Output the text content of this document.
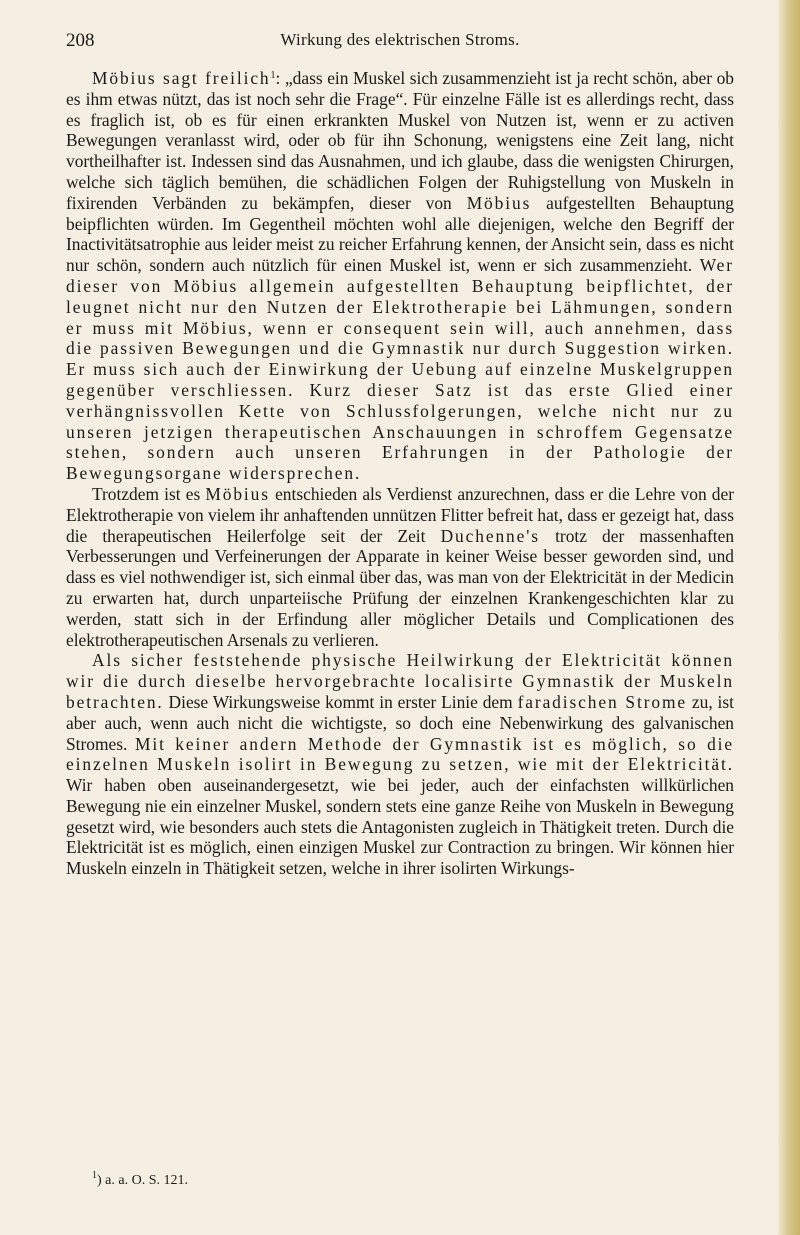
208	Wirkung des elektrischen Stroms.

Möbius sagt freilich$^1$: „dass ein Muskel sich zusammenzieht ist ja recht schön, aber ob es ihm etwas nützt, das ist noch sehr die Frage“. Für einzelne Fälle ist es allerdings recht, dass es fraglich ist, ob es für einen erkrankten Muskel von Nutzen ist, wenn er zu activen Bewegungen veranlasst wird, oder ob für ihn Schonung, wenigstens eine Zeit lang, nicht vortheilhafter ist. Indessen sind das Ausnahmen, und ich glaube, dass die wenigsten Chirurgen, welche sich täglich bemühen, die schädlichen Folgen der Ruhigstellung von Muskeln in fixirenden Verbänden zu bekämpfen, dieser von Möbius aufgestellten Behauptung beipflichten würden. Im Gegentheil möchten wohl alle diejenigen, welche den Begriff der Inactivitätsatrophie aus leider meist zu reicher Erfahrung kennen, der Ansicht sein, dass es nicht nur schön, sondern auch nützlich für einen Muskel ist, wenn er sich zusammenzieht. Wer dieser von Möbius allgemein aufgestellten Behauptung beipflichtet, der leugnet nicht nur den Nutzen der Elektrotherapie bei Lähmungen, sondern er muss mit Möbius, wenn er consequent sein will, auch annehmen, dass die passiven Bewegungen und die Gymnastik nur durch Suggestion wirken. Er muss sich auch der Einwirkung der Uebung auf einzelne Muskelgruppen gegenüber verschliessen. Kurz dieser Satz ist das erste Glied einer verhängnissvollen Kette von Schlussfolgerungen, welche nicht nur zu unseren jetzigen therapeutischen Anschauungen in schroffem Gegensatze stehen, sondern auch unseren Erfahrungen in der Pathologie der Bewegungsorgane widersprechen.

Trotzdem ist es Möbius entschieden als Verdienst anzurechnen, dass er die Lehre von der Elektrotherapie von vielem ihr anhaftenden unnützen Flitter befreit hat, dass er gezeigt hat, dass die therapeutischen Heilerfolge seit der Zeit Duchenne's trotz der massenhaften Verbesserungen und Verfeinerungen der Apparate in keiner Weise besser geworden sind, und dass es viel nothwendiger ist, sich einmal über das, was man von der Elektricität in der Medicin zu erwarten hat, durch unparteiische Prüfung der einzelnen Krankengeschichten klar zu werden, statt sich in der Erfindung aller möglicher Details und Complicationen des elektrotherapeutischen Arsenals zu verlieren.

Als sicher feststehende physische Heilwirkung der Elektricität können wir die durch dieselbe hervorgebrachte localisirte Gymnastik der Muskeln betrachten. Diese Wirkungsweise kommt in erster Linie dem faradischen Strome zu, ist aber auch, wenn auch nicht die wichtigste, so doch eine Nebenwirkung des galvanischen Stromes. Mit keiner andern Methode der Gymnastik ist es möglich, so die einzelnen Muskeln isolirt in Bewegung zu setzen, wie mit der Elektricität. Wir haben oben auseinandergesetzt, wie bei jeder, auch der einfachsten willkürlichen Bewegung nie ein einzelner Muskel, sondern stets eine ganze Reihe von Muskeln in Bewegung gesetzt wird, wie besonders auch stets die Antagonisten zugleich in Thätigkeit treten. Durch die Elektricität ist es möglich, einen einzigen Muskel zur Contraction zu bringen. Wir können hier Muskeln einzeln in Thätigkeit setzen, welche in ihrer isolirten Wirkungs-

$^1$) a. a. O. S. 121.
